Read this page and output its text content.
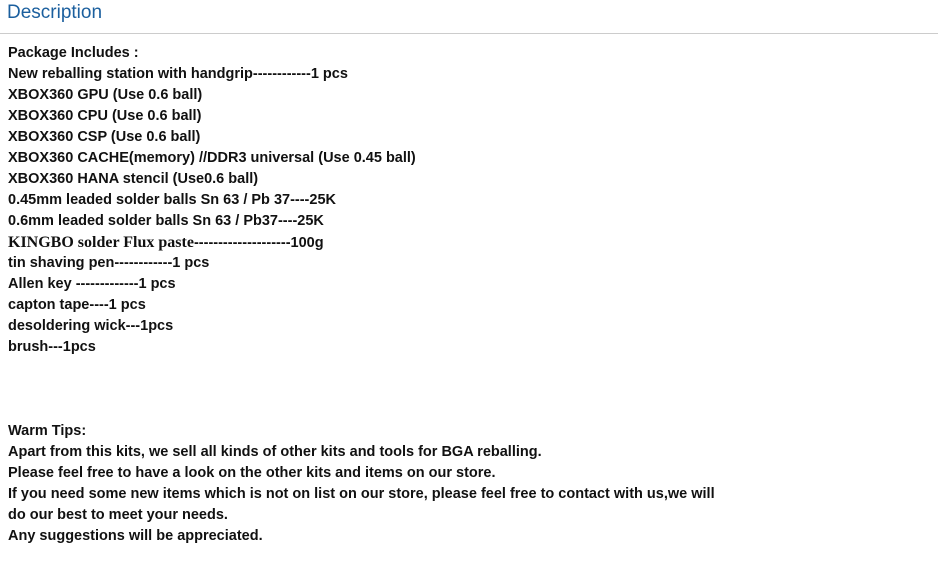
Description
Package Includes :
New reballing station with handgrip------------1 pcs
XBOX360 GPU (Use 0.6 ball)
XBOX360 CPU (Use 0.6 ball)
XBOX360 CSP (Use 0.6 ball)
XBOX360 CACHE(memory) //DDR3 universal (Use 0.45 ball)
XBOX360 HANA stencil (Use0.6 ball)
0.45mm leaded solder balls Sn 63 / Pb 37----25K
0.6mm leaded solder balls Sn 63 / Pb37----25K
KINGBO solder Flux paste--------------------100g
tin shaving pen------------1 pcs
Allen key -------------1 pcs
capton tape----1 pcs
desoldering wick---1pcs
brush---1pcs
Warm Tips:
Apart from this kits, we sell all kinds of other kits and tools for BGA reballing.
Please feel free to have a look on the other kits and items on our store.
If you need some new items which is not on list on our store, please feel free to contact with us,we will
do our best to meet your needs.
Any suggestions will be appreciated.
